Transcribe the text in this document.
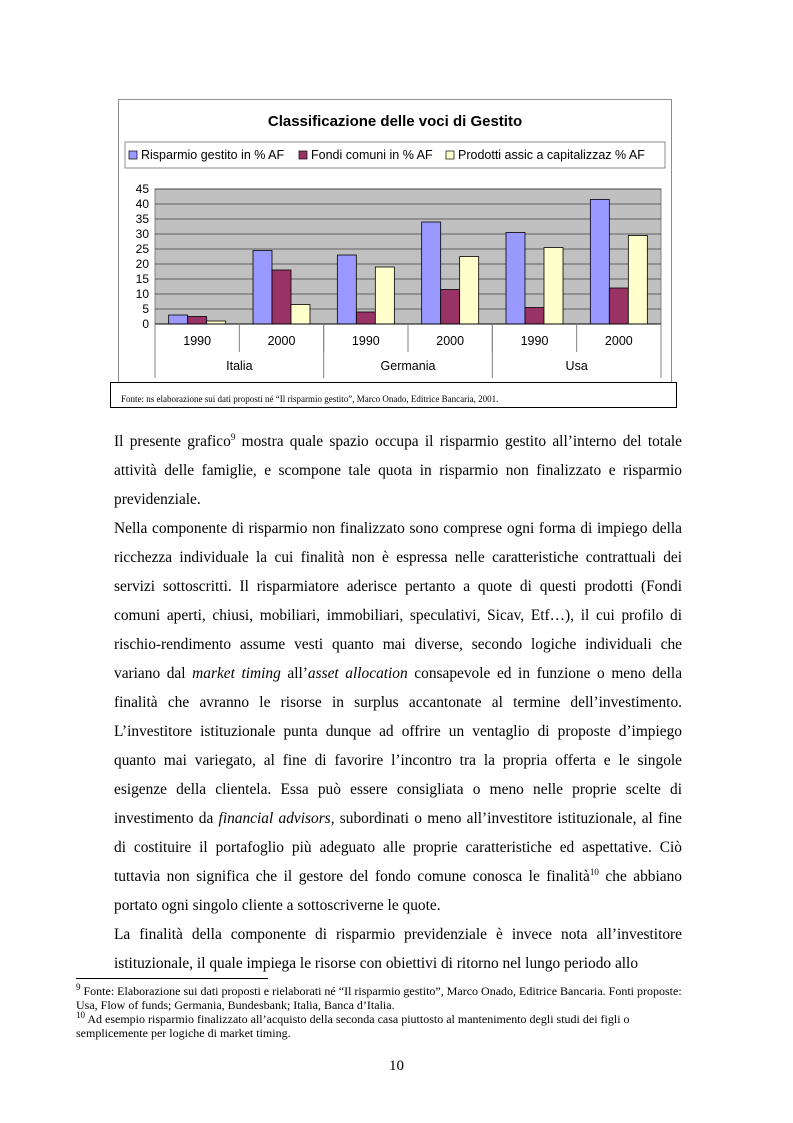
Classificazione delle voci di Gestito
Risparmio gestito in % AF Fondi comuni in % AF Prodotti assic a capitalizzaz % AF
0
5
10
15
20
25
30
35
40
45
1990	2000	1990	2000	1990	2000
Italia	Germania	Usa
Fonte: ns elaborazione sui dati proposti né “Il risparmio gestito”, Marco Onado, Editrice Bancaria, 2001.

Il presente grafico$^9$ mostra quale spazio occupa il risparmio gestito all’interno del totale attività delle famiglie, e scompone tale quota in risparmio non finalizzato e risparmio previdenziale.

Nella componente di risparmio non finalizzato sono comprese ogni forma di impiego della ricchezza individuale la cui finalità non è espressa nelle caratteristiche contrattuali dei servizi sottoscritti. Il risparmiatore aderisce pertanto a quote di questi prodotti (Fondi comuni aperti, chiusi, mobiliari, immobiliari, speculativi, Sicav, Etf…), il cui profilo di rischio-rendimento assume vesti quanto mai diverse, secondo logiche individuali che variano dal market timing all’asset allocation consapevole ed in funzione o meno della finalità che avranno le risorse in surplus accantonate al termine dell’investimento. L’investitore istituzionale punta dunque ad offrire un ventaglio di proposte d’impiego quanto mai variegato, al fine di favorire l’incontro tra la propria offerta e le singole esigenze della clientela. Essa può essere consigliata o meno nelle proprie scelte di investimento da financial advisors, subordinati o meno all’investitore istituzionale, al fine di costituire il portafoglio più adeguato alle proprie caratteristiche ed aspettative. Ciò tuttavia non significa che il gestore del fondo comune conosca le finalità$^{10}$ che abbiano portato ogni singolo cliente a sottoscriverne le quote.

La finalità della componente di risparmio previdenziale è invece nota all’investitore istituzionale, il quale impiega le risorse con obiettivi di ritorno nel lungo periodo allo

$^9$ Fonte: Elaborazione sui dati proposti e rielaborati né “Il risparmio gestito”, Marco Onado, Editrice Bancaria. Fonti proposte: Usa, Flow of funds; Germania, Bundesbank; Italia, Banca d’Italia.

$^{10}$ Ad esempio risparmio finalizzato all’acquisto della seconda casa piuttosto al mantenimento degli studi dei figli o semplicemente per logiche di market timing.

10
